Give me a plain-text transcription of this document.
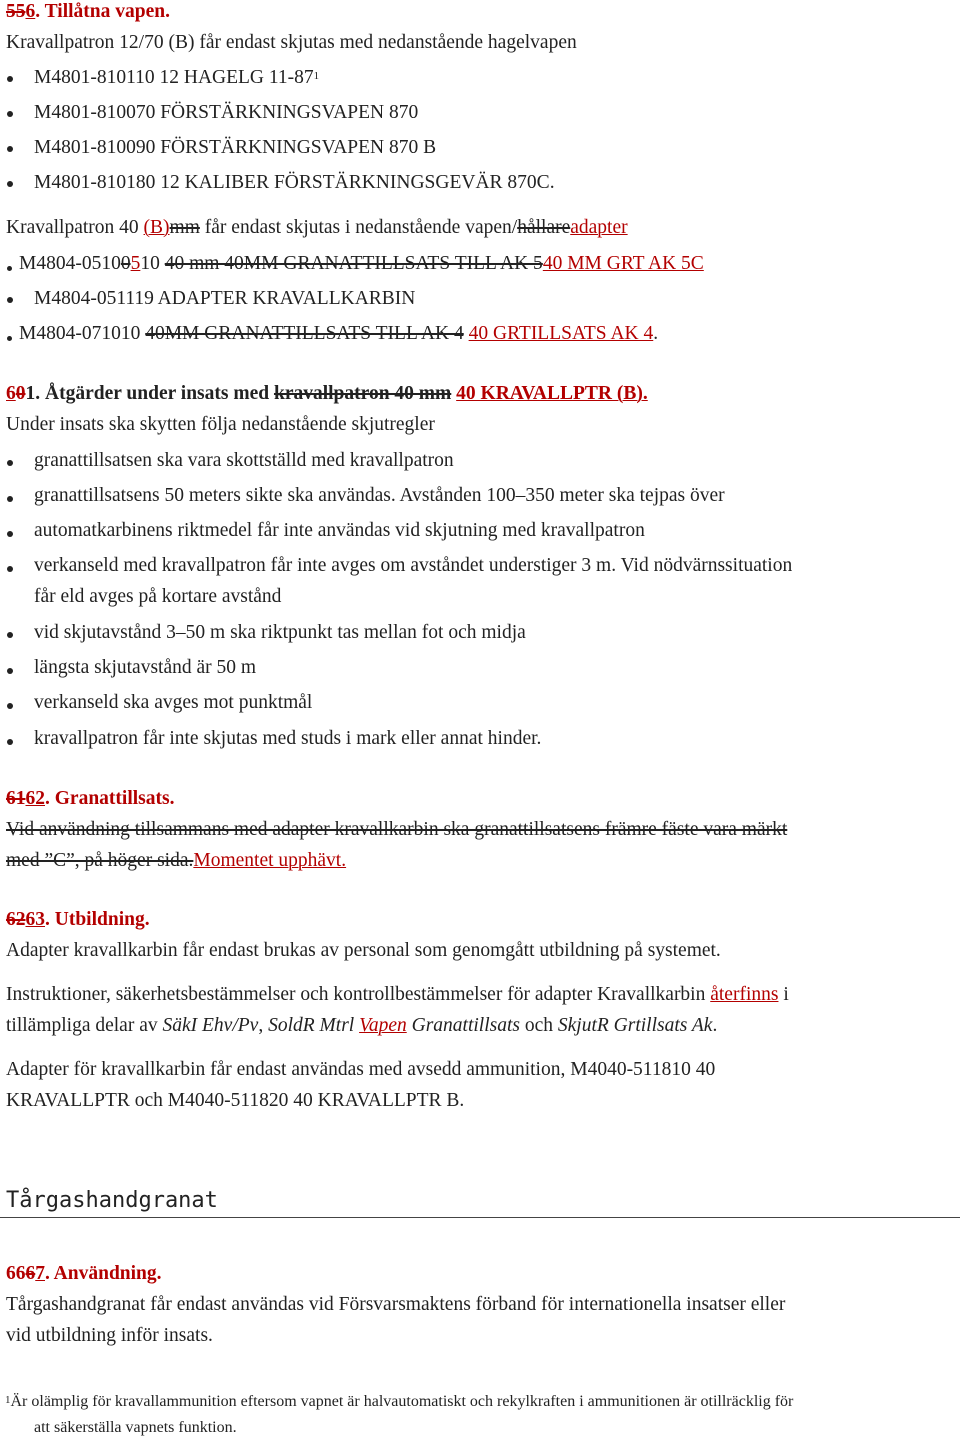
556. Tillåtna vapen.
Kravallpatron 12/70 (B) får endast skjutas med nedanstående hagelvapen
M4801-810110 12 HAGELG $11-87^1$
M4801-810070 FÖRSTÄRKNINGSVAPEN 870
M4801-810090 FÖRSTÄRKNINGSVAPEN 870 B
M4801-810180 12 KALIBER FÖRSTÄRKNINGSGEVÄR 870C.
Kravallpatron 40 (B)mm får endast skjutas i nedanstående vapen/hållareadapter
M4804-05100510 40 mm 40MM GRANATTILLSATS TILL AK 540 MM GRT AK 5C
M4804-051119 ADAPTER KRAVALLKARBIN
M4804-071010 40MM GRANATTILLSATS TILL AK 4 40 GRTILLSATS AK 4.
601. Åtgärder under insats med kravallpatron 40 mm 40 KRAVALLPTR (B).
Under insats ska skytten följa nedanstående skjutregler
granattillsatsen ska vara skottställd med kravallpatron
granattillsatsens 50 meters sikte ska användas. Avstånden 100–350 meter ska tejpas över
automatkarbinens riktmedel får inte användas vid skjutning med kravallpatron
verkanseld med kravallpatron får inte avges om avståndet understiger 3 m. Vid nödvärnssituation
får eld avges på kortare avstånd
vid skjutavstånd 3–50 m ska riktpunkt tas mellan fot och midja
längsta skjutavstånd är 50 m
verkanseld ska avges mot punktmål
kravallpatron får inte skjutas med studs i mark eller annat hinder.
6162. Granattillsats.
Vid användning tillsammans med adapter kravallkarbin ska granattillsatsens främre fäste vara märkt
med ”C”, på höger sida.Momentet upphävt.
6263. Utbildning.
Adapter kravallkarbin får endast brukas av personal som genomgått utbildning på systemet.
Instruktioner, säkerhetsbestämmelser och kontrollbestämmelser för adapter Kravallkarbin återfinns i
tillämpliga delar av SäkI Ehv/Pv, SoldR Mtrl Vapen Granattillsats och SkjutR Grtillsats Ak.
Adapter för kravallkarbin får endast användas med avsedd ammunition, M4040-511810 40
KRAVALLPTR och M4040-511820 40 KRAVALLPTR B.
Tårgashandgranat
6667. Användning.
Tårgashandgranat får endast användas vid Försvarsmaktens förband för internationella insatser eller
vid utbildning inför insats.
$^1$Är olämplig för kravallammunition eftersom vapnet är halvautomatiskt och rekylkraften i ammunitionen är otillräcklig för
att säkerställa vapnets funktion.
